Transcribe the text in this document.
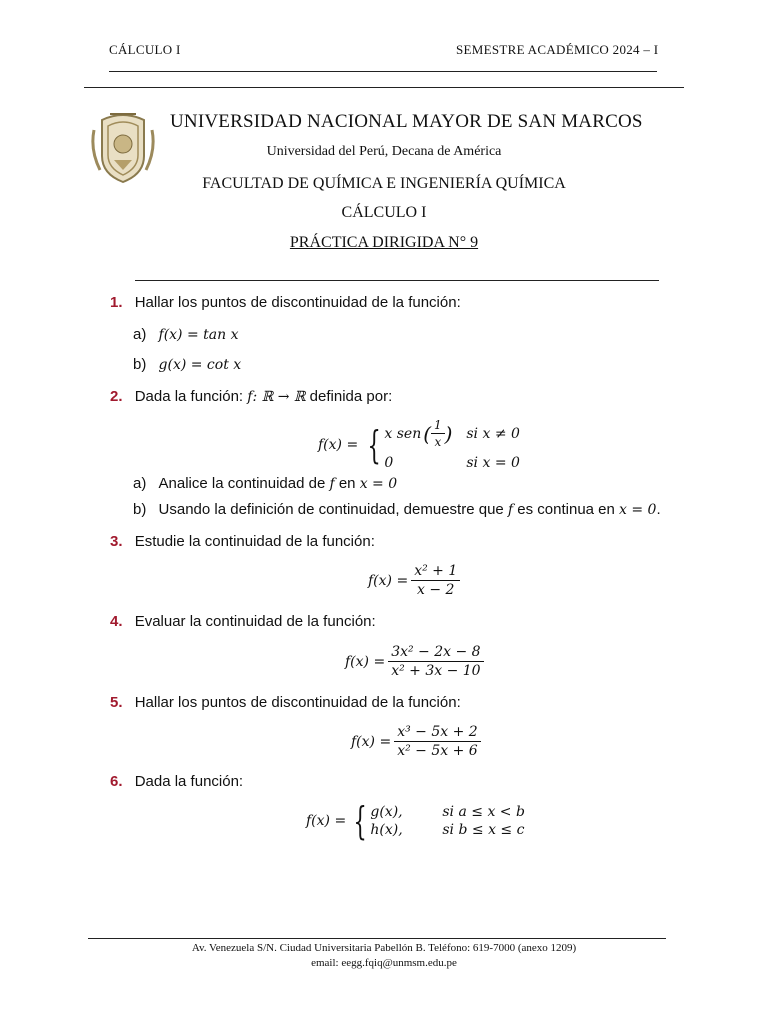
CÁLCULO I	SEMESTRE ACADÉMICO 2024 – I
UNIVERSIDAD NACIONAL MAYOR DE SAN MARCOS
Universidad del Perú, Decana de América
FACULTAD DE QUÍMICA E INGENIERÍA QUÍMICA
CÁLCULO I
PRÁCTICA DIRIGIDA N° 9
1. Hallar los puntos de discontinuidad de la función:
a) f(x) = tan x
b) g(x) = cot x
2. Dada la función: f: ℝ → ℝ definida por:
f(x) = { x sen ( $\frac{1}{x}$ ) si x ≠ 0
0	si x = 0
a) Analice la continuidad de f en x = 0
b) Usando la definición de continuidad, demuestre que f es continua en x = 0.
3. Estudie la continuidad de la función:
$f(x) = \frac{\text{x² + 1}}{x - 2}$
4. Evaluar la continuidad de la función:
$f(x) = \frac{\text{3x² − 2x − 8}}{\text{x² + 3x − 10}}$
5. Hallar los puntos de discontinuidad de la función:
$f(x) = \frac{\text{x³ − 5x + 2}}{\text{x² − 5x + 6}}$
6. Dada la función:
f(x) = { g(x),	si a ≤ x < b
h(x),	si b ≤ x ≤ c
Av. Venezuela S/N. Ciudad Universitaria Pabellón B. Teléfono: 619-7000 (anexo 1209)
email: eegg.fqiq@unmsm.edu.pe
